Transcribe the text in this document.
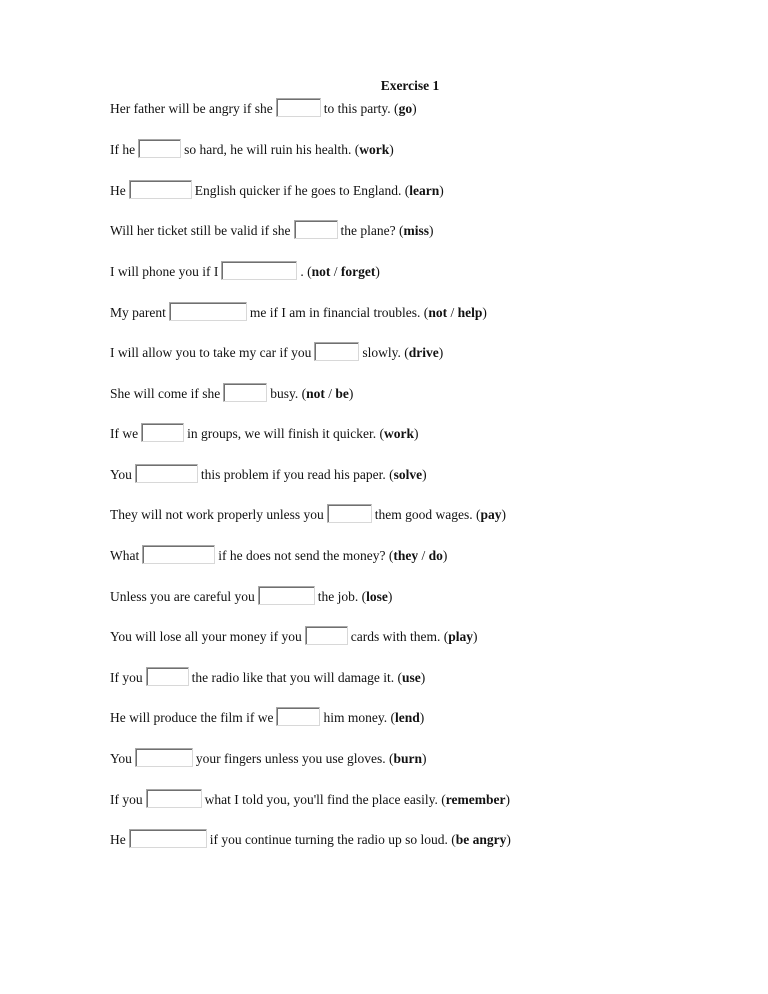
Exercise 1
Her father will be angry if she	to this party. (go)
If he	so hard, he will ruin his health. (work)
He	English quicker if he goes to England. (learn)
Will her ticket still be valid if she	the plane? (miss)
I will phone you if I	. (not / forget)
My parent	me if I am in financial troubles. (not / help)
I will allow you to take my car if you	slowly. (drive)
She will come if she	busy. (not / be)
If we	in groups, we will finish it quicker. (work)
You	this problem if you read his paper. (solve)
They will not work properly unless you	them good wages. (pay)
What	if he does not send the money? (they / do)
Unless you are careful you	the job. (lose)
You will lose all your money if you	cards with them. (play)
If you	the radio like that you will damage it. (use)
He will produce the film if we	him money. (lend)
You	your fingers unless you use gloves. (burn)
If you	what I told you, you'll find the place easily. (remember)
He	if you continue turning the radio up so loud. (be angry)
